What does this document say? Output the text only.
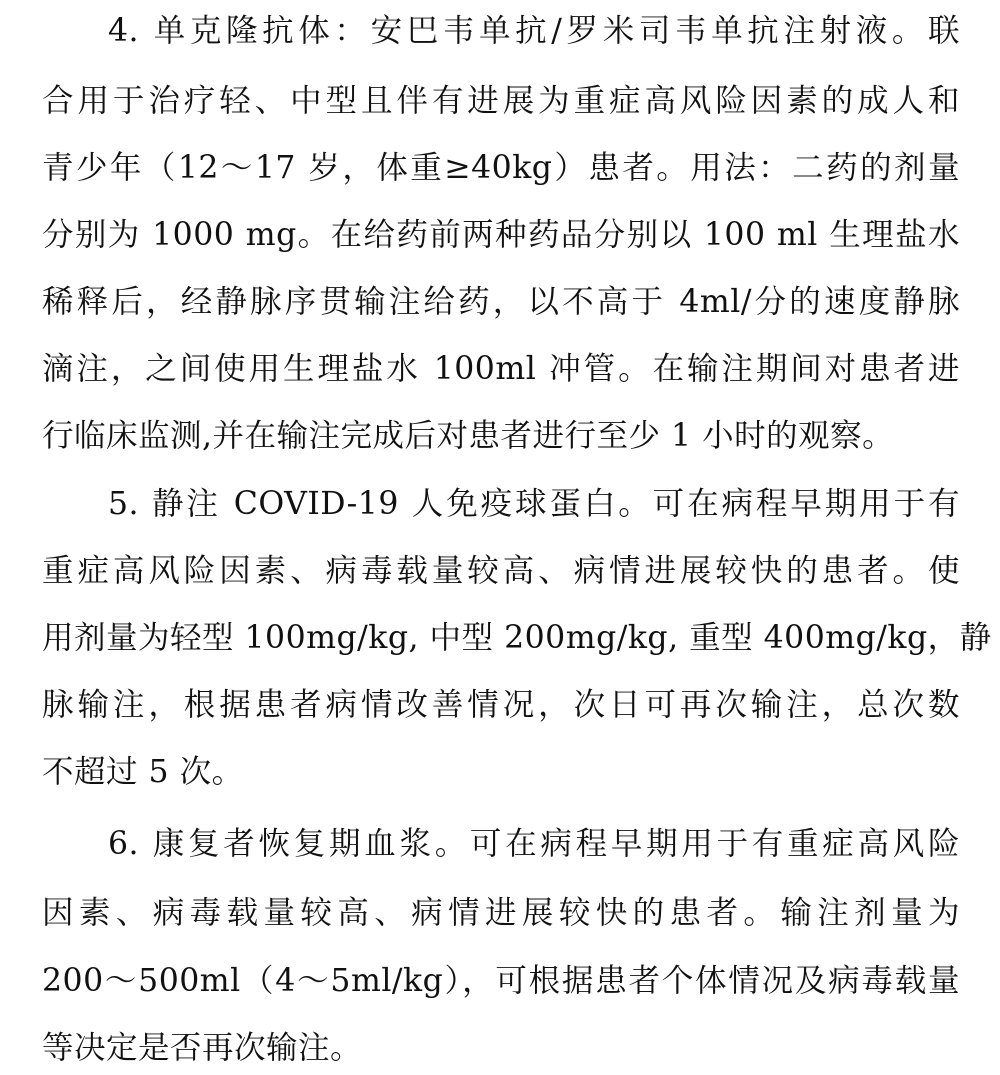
4. 单克隆抗体：安巴韦单抗/罗米司韦单抗注射液。联
合用于治疗轻、中型且伴有进展为重症高风险因素的成人和
青少年（12～17 岁，体重≥40kg）患者。用法：二药的剂量
分别为 1000 mg。在给药前两种药品分别以 100 ml 生理盐水
稀释后，经静脉序贯输注给药，以不高于 4ml/分的速度静脉
滴注，之间使用生理盐水 100ml 冲管。在输注期间对患者进
行临床监测,并在输注完成后对患者进行至少 1 小时的观察。
5. 静注 COVID-19 人免疫球蛋白。可在病程早期用于有
重症高风险因素、病毒载量较高、病情进展较快的患者。使
用剂量为轻型 100mg/kg, 中型 200mg/kg, 重型 400mg/kg，静
脉输注，根据患者病情改善情况，次日可再次输注，总次数
不超过 5 次。
6. 康复者恢复期血浆。可在病程早期用于有重症高风险
因素、病毒载量较高、病情进展较快的患者。输注剂量为
200～500ml（4～5ml/kg），可根据患者个体情况及病毒载量
等决定是否再次输注。
